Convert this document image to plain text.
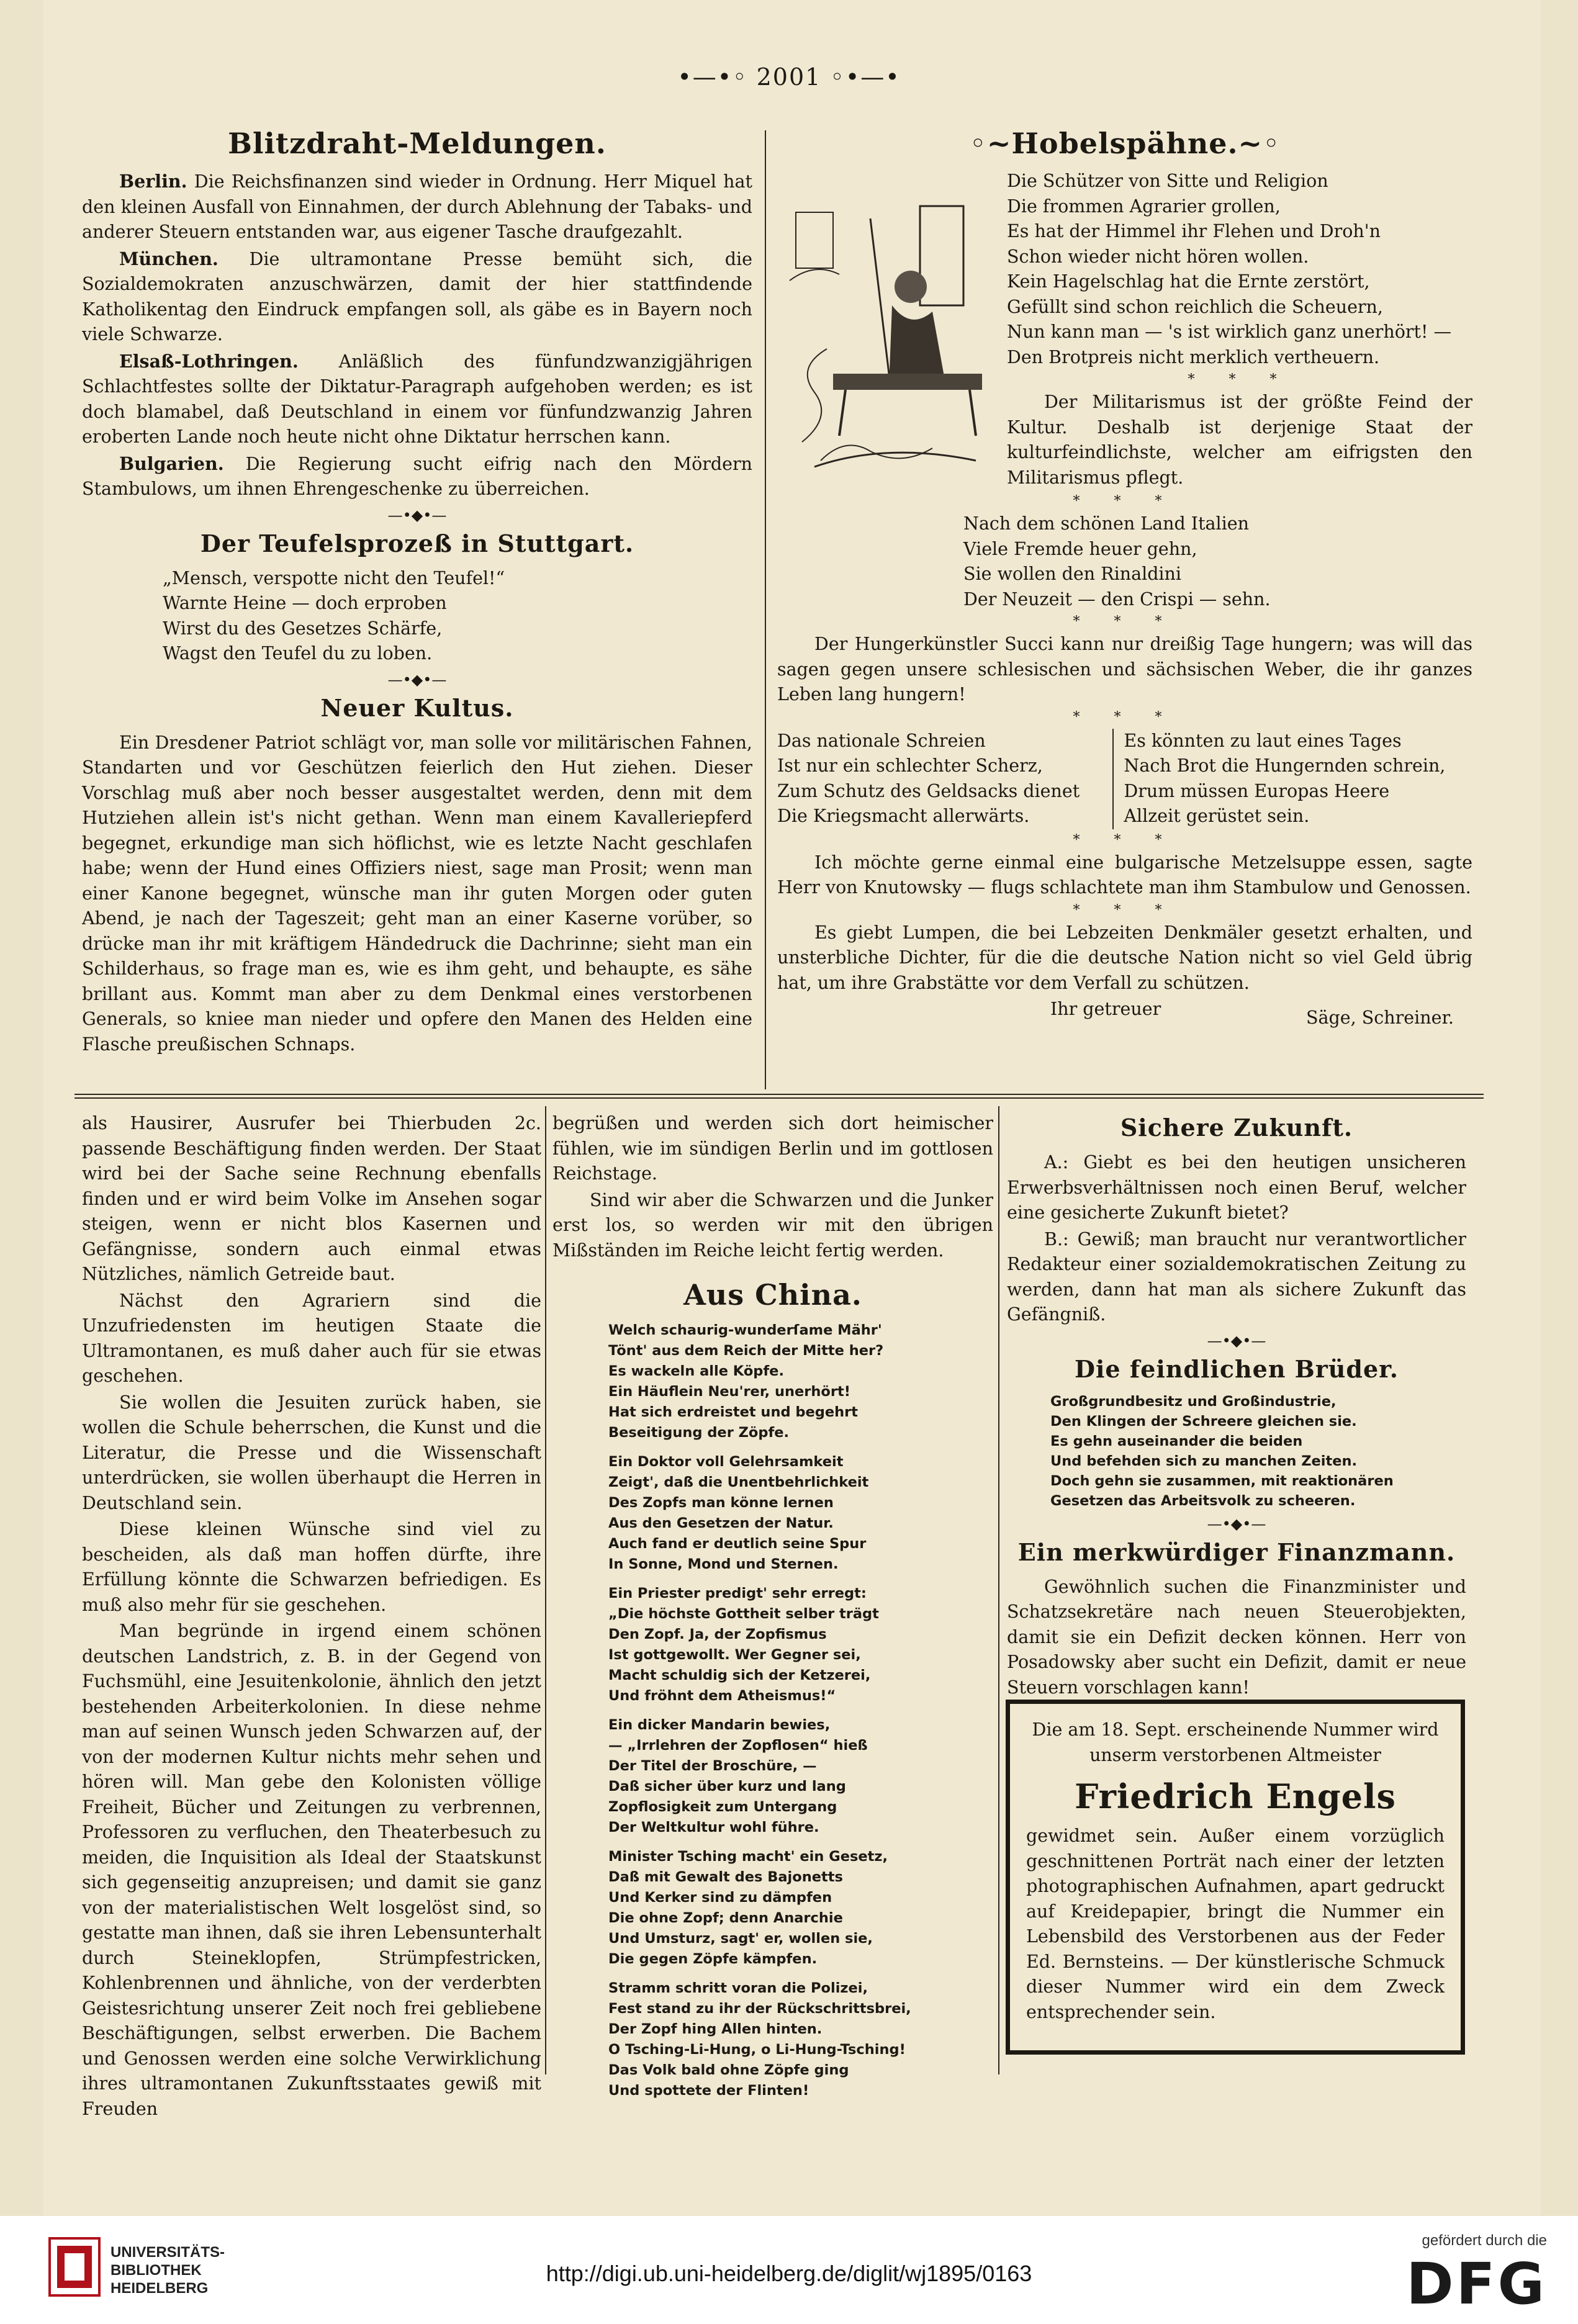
•—•◦ 2001 ◦•—•
Blitzdraht-Meldungen.

Berlin. Die Reichsfinanzen sind wieder in Ordnung. Herr Miquel hat den kleinen Ausfall von Einnahmen, der durch Ablehnung der Tabaks- und anderer Steuern entstanden war, aus eigener Tasche draufgezahlt.

München. Die ultramontane Presse bemüht sich, die Sozialdemokraten anzuschwärzen, damit der hier stattfindende Katholikentag den Eindruck empfangen soll, als gäbe es in Bayern noch viele Schwarze.

Elsaß-Lothringen. Anläßlich des fünfundzwanzigjährigen Schlachtfestes sollte der Diktatur-Paragraph aufgehoben werden; es ist doch blamabel, daß Deutschland in einem vor fünfundzwanzig Jahren eroberten Lande noch heute nicht ohne Diktatur herrschen kann.

Bulgarien. Die Regierung sucht eifrig nach den Mördern Stambulows, um ihnen Ehrengeschenke zu überreichen.

—•◆•—
Der Teufelsprozeß in Stuttgart.
„Mensch, verspotte nicht den Teufel!“
Warnte Heine — doch erproben
Wirst du des Gesetzes Schärfe,
Wagst den Teufel du zu loben.
—•◆•—
Neuer Kultus.

Ein Dresdener Patriot schlägt vor, man solle vor militärischen Fahnen, Standarten und vor Geschützen feierlich den Hut ziehen. Dieser Vorschlag muß aber noch besser ausgestaltet werden, denn mit dem Hutziehen allein ist's nicht gethan. Wenn man einem Kavalleriepferd begegnet, erkundige man sich höflichst, wie es letzte Nacht geschlafen habe; wenn der Hund eines Offiziers niest, sage man Prosit; wenn man einer Kanone begegnet, wünsche man ihr guten Morgen oder guten Abend, je nach der Tageszeit; geht man an einer Kaserne vorüber, so drücke man ihr mit kräftigem Händedruck die Dachrinne; sieht man ein Schilderhaus, so frage man es, wie es ihm geht, und behaupte, es sähe brillant aus. Kommt man aber zu dem Denkmal eines verstorbenen Generals, so kniee man nieder und opfere den Manen des Helden eine Flasche preußischen Schnaps.

◦~Hobelspähne.~◦
Die Schützer von Sitte und Religion
Die frommen Agrarier grollen,
Es hat der Himmel ihr Flehen und Droh'n
Schon wieder nicht hören wollen.
Kein Hagelschlag hat die Ernte zerstört,
Gefüllt sind schon reichlich die Scheuern,
Nun kann man — 's ist wirklich ganz unerhört! —
Den Brotpreis nicht merklich vertheuern.
* * *

Der Militarismus ist der größte Feind der Kultur. Deshalb ist derjenige Staat der kulturfeindlichste, welcher am eifrigsten den Militarismus pflegt.

* * *
Nach dem schönen Land Italien
Viele Fremde heuer gehn,
Sie wollen den Rinaldini
Der Neuzeit — den Crispi — sehn.
* * *

Der Hungerkünstler Succi kann nur dreißig Tage hungern; was will das sagen gegen unsere schlesischen und sächsischen Weber, die ihr ganzes Leben lang hungern!

* * *
Das nationale Schreien
Ist nur ein schlechter Scherz,
Zum Schutz des Geldsacks dienet
Die Kriegsmacht allerwärts.
Es könnten zu laut eines Tages
Nach Brot die Hungernden schrein,
Drum müssen Europas Heere
Allzeit gerüstet sein.
* * *

Ich möchte gerne einmal eine bulgarische Metzelsuppe essen, sagte Herr von Knutowsky — flugs schlachtete man ihm Stambulow und Genossen.

* * *

Es giebt Lumpen, die bei Lebzeiten Denkmäler gesetzt erhalten, und unsterbliche Dichter, für die die deutsche Nation nicht so viel Geld übrig hat, um ihre Grabstätte vor dem Verfall zu schützen.

Ihr getreuer	Säge, Schreiner.

als Hausirer, Ausrufer bei Thierbuden 2c. passende Beschäftigung finden werden. Der Staat wird bei der Sache seine Rechnung ebenfalls finden und er wird beim Volke im Ansehen sogar steigen, wenn er nicht blos Kasernen und Gefängnisse, sondern auch einmal etwas Nützliches, nämlich Getreide baut.

Nächst den Agrariern sind die Unzufriedensten im heutigen Staate die Ultramontanen, es muß daher auch für sie etwas geschehen.

Sie wollen die Jesuiten zurück haben, sie wollen die Schule beherrschen, die Kunst und die Literatur, die Presse und die Wissenschaft unterdrücken, sie wollen überhaupt die Herren in Deutschland sein.

Diese kleinen Wünsche sind viel zu bescheiden, als daß man hoffen dürfte, ihre Erfüllung könnte die Schwarzen befriedigen. Es muß also mehr für sie geschehen.

Man begründe in irgend einem schönen deutschen Landstrich, z. B. in der Gegend von Fuchsmühl, eine Jesuitenkolonie, ähnlich den jetzt bestehenden Arbeiterkolonien. In diese nehme man auf seinen Wunsch jeden Schwarzen auf, der von der modernen Kultur nichts mehr sehen und hören will. Man gebe den Kolonisten völlige Freiheit, Bücher und Zeitungen zu verbrennen, Professoren zu verfluchen, den Theaterbesuch zu meiden, die Inquisition als Ideal der Staatskunst sich gegenseitig anzupreisen; und damit sie ganz von der materialistischen Welt losgelöst sind, so gestatte man ihnen, daß sie ihren Lebensunterhalt durch Steineklopfen, Strümpfestricken, Kohlenbrennen und ähnliche, von der verderbten Geistesrichtung unserer Zeit noch frei gebliebene Beschäftigungen, selbst erwerben. Die Bachem und Genossen werden eine solche Verwirklichung ihres ultramontanen Zukunftsstaates gewiß mit Freuden

begrüßen und werden sich dort heimischer fühlen, wie im sündigen Berlin und im gottlosen Reichstage.

Sind wir aber die Schwarzen und die Junker erst los, so werden wir mit den übrigen Mißständen im Reiche leicht fertig werden.

Aus China.
Welch schaurig-wunderſame Mähr'
Tönt' aus dem Reich der Mitte her?
Es wackeln alle Köpfe.
Ein Häuflein Neu'rer, unerhört!
Hat sich erdreistet und begehrt
Beseitigung der Zöpfe.
Ein Doktor voll Gelehrsamkeit
Zeigt', daß die Unentbehrlichkeit
Des Zopfs man könne lernen
Aus den Gesetzen der Natur.
Auch fand er deutlich seine Spur
In Sonne, Mond und Sternen.
Ein Priester predigt' sehr erregt:
„Die höchste Gottheit selber trägt
Den Zopf. Ja, der Zopfismus
Ist gottgewollt. Wer Gegner sei,
Macht schuldig sich der Ketzerei,
Und fröhnt dem Atheismus!“
Ein dicker Mandarin bewies,
— „Irrlehren der Zopflosen“ hieß
Der Titel der Broschüre, —
Daß sicher über kurz und lang
Zopflosigkeit zum Untergang
Der Weltkultur wohl führe.
Minister Tsching macht' ein Gesetz,
Daß mit Gewalt des Bajonetts
Und Kerker sind zu dämpfen
Die ohne Zopf; denn Anarchie
Und Umsturz, sagt' er, wollen sie,
Die gegen Zöpfe kämpfen.
Stramm schritt voran die Polizei,
Fest stand zu ihr der Rückschrittsbrei,
Der Zopf hing Allen hinten.
O Tsching-Li-Hung, o Li-Hung-Tsching!
Das Volk bald ohne Zöpfe ging
Und spottete der Flinten!
Sichere Zukunft.

A.: Giebt es bei den heutigen unsicheren Erwerbsverhältnissen noch einen Beruf, welcher eine gesicherte Zukunft bietet?

B.: Gewiß; man braucht nur verantwortlicher Redakteur einer sozialdemokratischen Zeitung zu werden, dann hat man als sichere Zukunft das Gefängniß.

—•◆•—
Die feindlichen Brüder.
Großgrundbesitz und Großindustrie,
Den Klingen der Schreere gleichen sie.
Es gehn auseinander die beiden
Und befehden sich zu manchen Zeiten.
Doch gehn sie zusammen, mit reaktionären
Gesetzen das Arbeitsvolk zu scheeren.
—•◆•—
Ein merkwürdiger Finanzmann.

Gewöhnlich suchen die Finanzminister und Schatzsekretäre nach neuen Steuerobjekten, damit sie ein Defizit decken können. Herr von Posadowsky aber sucht ein Defizit, damit er neue Steuern vorschlagen kann!

Die am 18. Sept. erscheinende Nummer wird unserm verstorbenen Altmeister
Friedrich Engels
gewidmet sein. Außer einem vorzüglich geschnittenen Porträt nach einer der letzten photographischen Aufnahmen, apart gedruckt auf Kreidepapier, bringt die Nummer ein Lebensbild des Verstorbenen aus der Feder Ed. Bernsteins. — Der künstlerische Schmuck dieser Nummer wird ein dem Zweck entsprechender sein.
UNIVERSITÄTS-
BIBLIOTHEK
HEIDELBERG
http://digi.ub.uni-heidelberg.de/diglit/wj1895/0163
gefördert durch die
DFG
